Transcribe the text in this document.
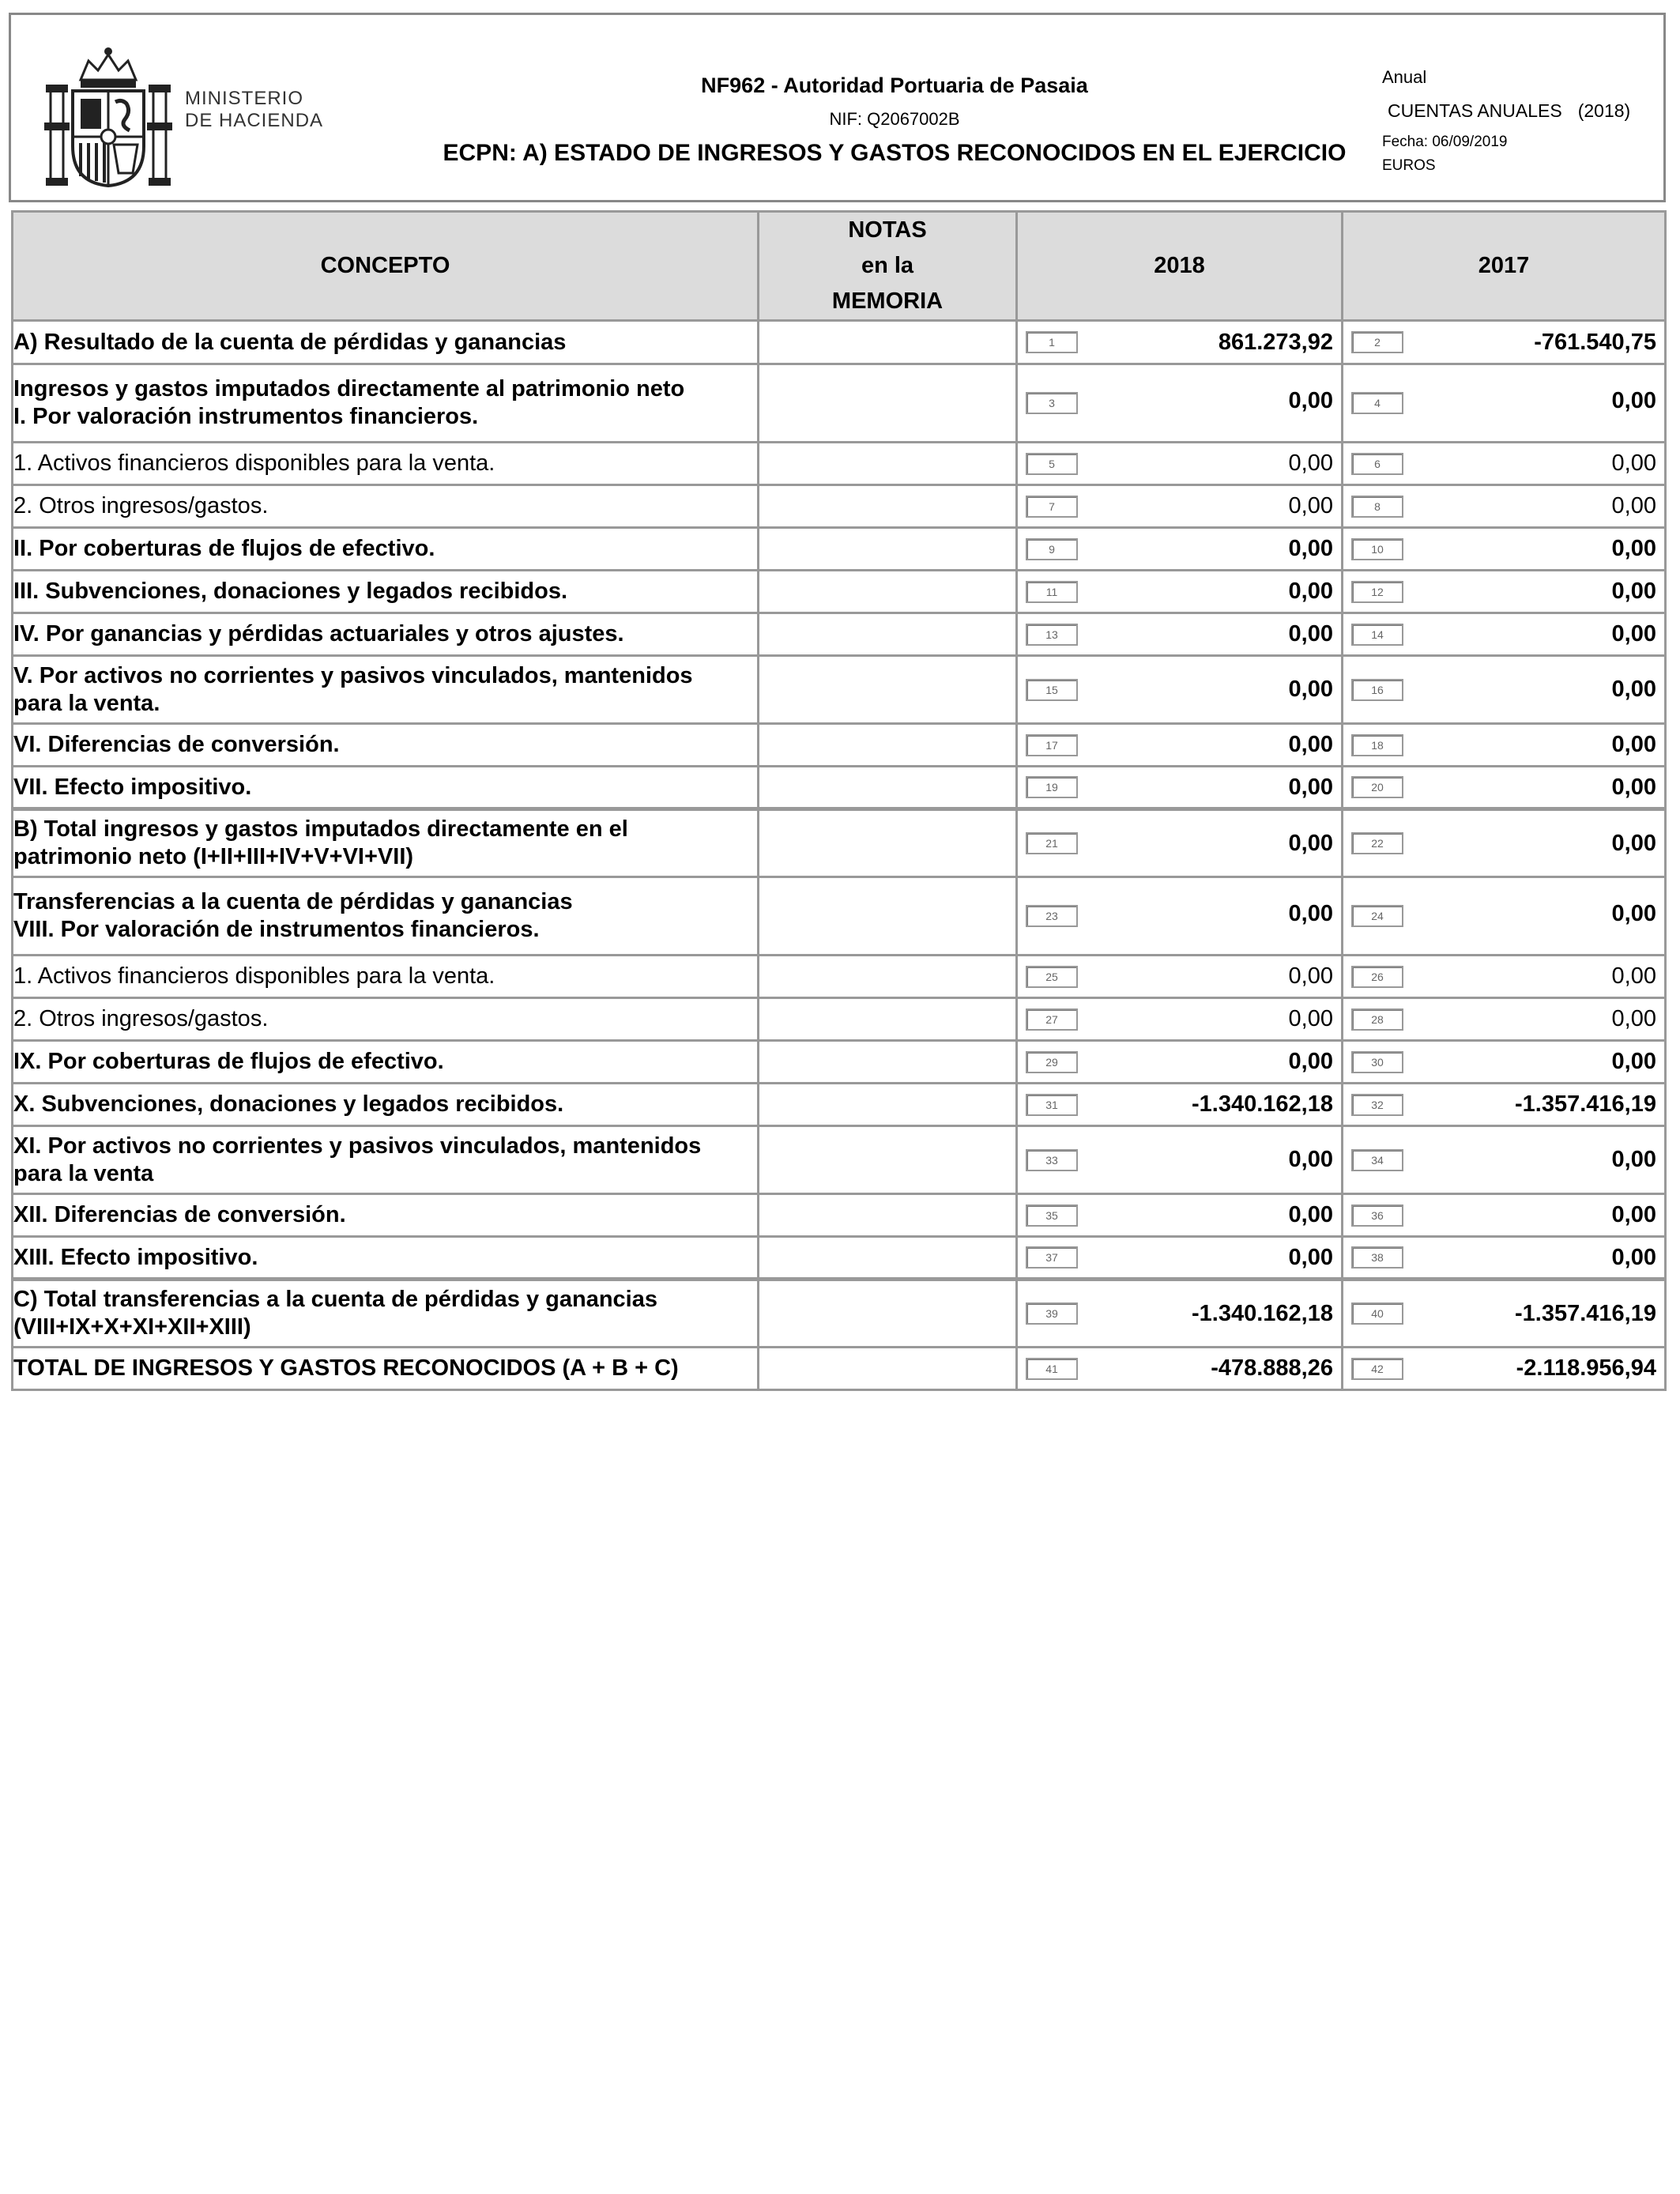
MINISTERIO
DE HACIENDA
NF962 - Autoridad Portuaria de Pasaia
NIF: Q2067002B
ECPN: A) ESTADO DE INGRESOS Y GASTOS RECONOCIDOS EN EL EJERCICIO
Anual
CUENTAS ANUALES (2018)
Fecha: 06/09/2019
EUROS
CONCEPTO	NOTAS
en la
MEMORIA	2018	2017

A) Resultado de la cuenta de pérdidas y ganancias		1 861.273,92	2 -761.540,75

Ingresos y gastos imputados directamente al patrimonio neto
I. Por valoración instrumentos financieros.		3 0,00	4 0,00

1. Activos financieros disponibles para la venta.		5 0,00	6 0,00

2. Otros ingresos/gastos.		7 0,00	8 0,00

II. Por coberturas de flujos de efectivo.		9 0,00	10 0,00

III. Subvenciones, donaciones y legados recibidos.		11 0,00	12 0,00

IV. Por ganancias y pérdidas actuariales y otros ajustes.		13 0,00	14 0,00

V. Por activos no corrientes y pasivos vinculados, mantenidos
para la venta.		15 0,00	16 0,00

VI. Diferencias de conversión.		17 0,00	18 0,00

VII. Efecto impositivo.		19 0,00	20 0,00

B) Total ingresos y gastos imputados directamente en el
patrimonio neto (I+II+III+IV+V+VI+VII)		21 0,00	22 0,00

Transferencias a la cuenta de pérdidas y ganancias
VIII. Por valoración de instrumentos financieros.		23 0,00	24 0,00

1. Activos financieros disponibles para la venta.		25 0,00	26 0,00

2. Otros ingresos/gastos.		27 0,00	28 0,00

IX. Por coberturas de flujos de efectivo.		29 0,00	30 0,00

X. Subvenciones, donaciones y legados recibidos.		31 -1.340.162,18	32 -1.357.416,19

XI. Por activos no corrientes y pasivos vinculados, mantenidos
para la venta		33 0,00	34 0,00

XII. Diferencias de conversión.		35 0,00	36 0,00

XIII. Efecto impositivo.		37 0,00	38 0,00

C) Total transferencias a la cuenta de pérdidas y ganancias
(VIII+IX+X+XI+XII+XIII)		39 -1.340.162,18	40 -1.357.416,19

TOTAL DE INGRESOS Y GASTOS RECONOCIDOS (A + B + C)		41 -478.888,26	42 -2.118.956,94
